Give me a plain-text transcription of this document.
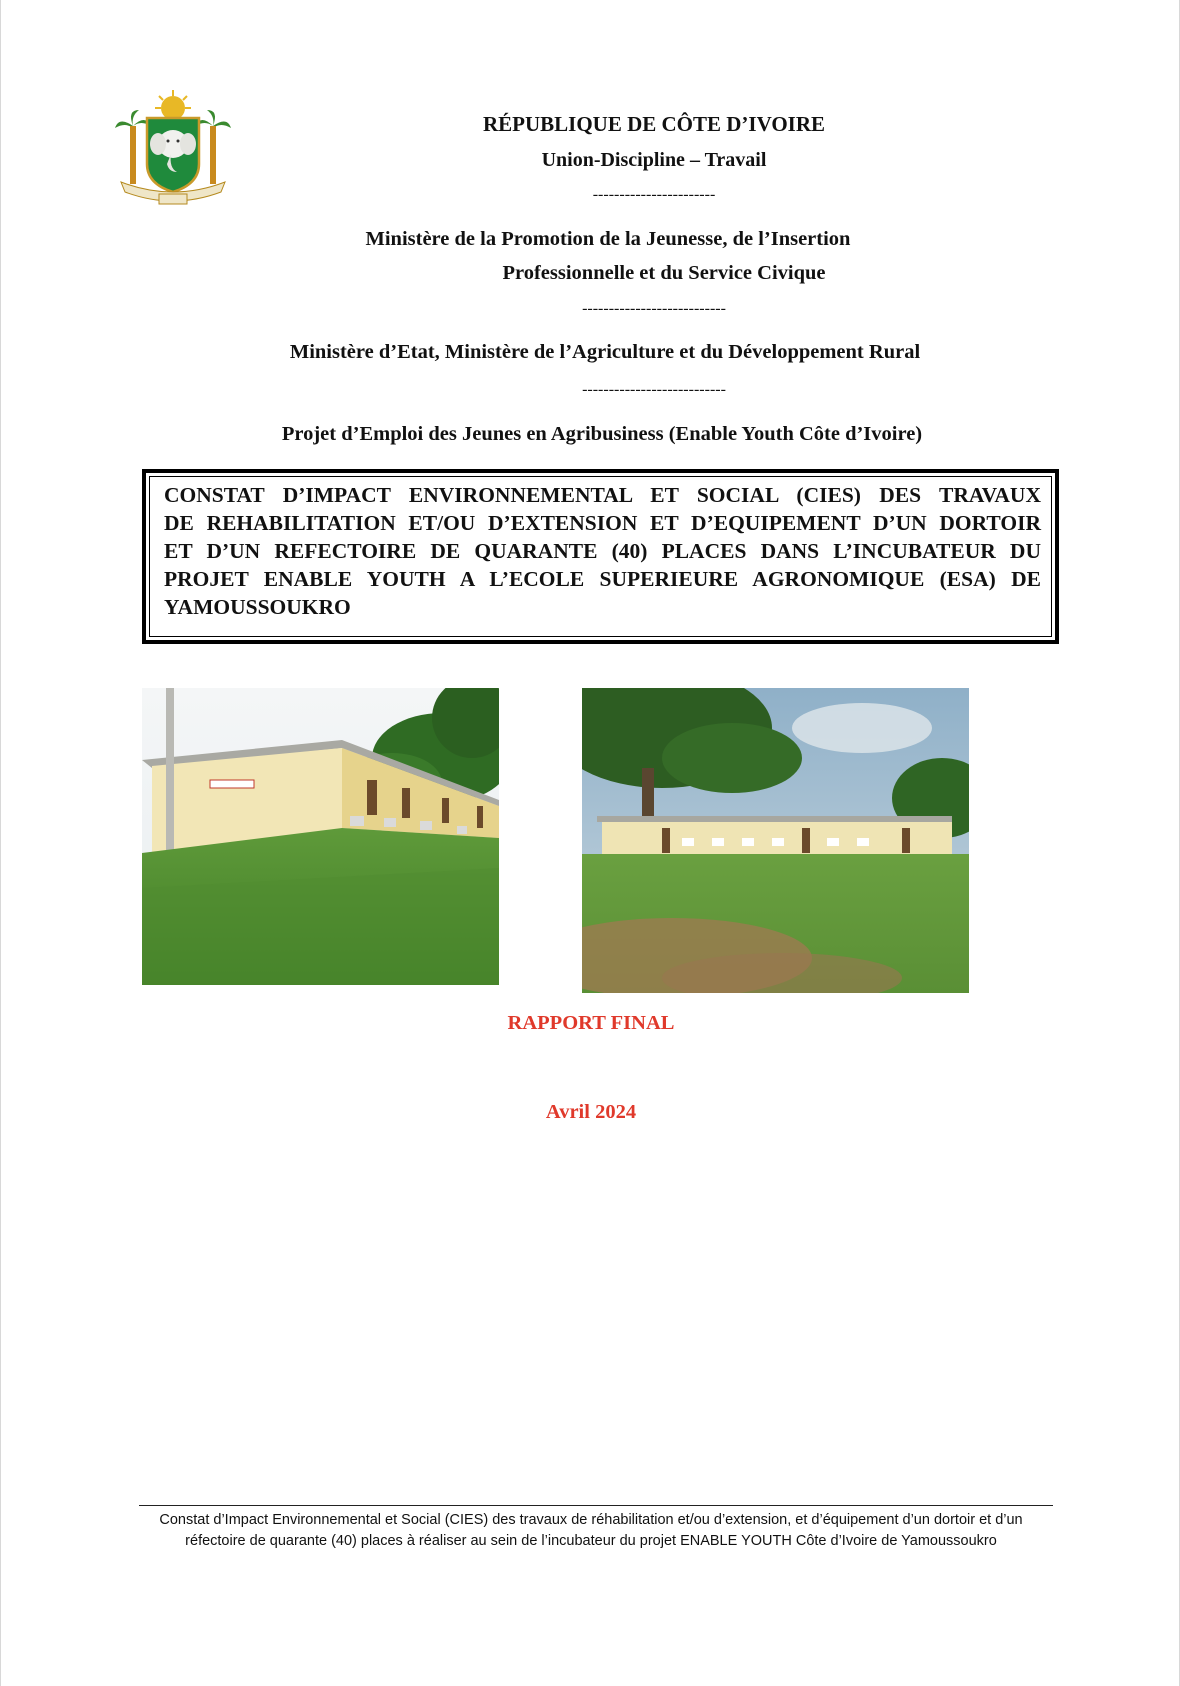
RÉPUBLIQUE DE CÔTE D’IVOIRE
Union-Discipline – Travail
-----------------------
Ministère de la Promotion de la Jeunesse, de l’Insertion
Professionnelle et du Service Civique
---------------------------
Ministère d’Etat, Ministère de l’Agriculture et du Développement Rural
---------------------------
Projet d’Emploi des Jeunes en Agribusiness (Enable Youth Côte d’Ivoire)
CONSTAT D’IMPACT ENVIRONNEMENTAL ET SOCIAL (CIES) DES TRAVAUX
DE REHABILITATION ET/OU D’EXTENSION ET D’EQUIPEMENT D’UN DORTOIR
ET D’UN REFECTOIRE DE QUARANTE (40) PLACES DANS L’INCUBATEUR DU
PROJET ENABLE YOUTH A L’ECOLE SUPERIEURE AGRONOMIQUE (ESA) DE
YAMOUSSOUKRO
RAPPORT FINAL
Avril 2024
Constat d’Impact Environnemental et Social (CIES) des travaux de réhabilitation et/ou d’extension, et d’équipement d’un dortoir et d’un
réfectoire de quarante (40) places à réaliser au sein de l’incubateur du projet ENABLE YOUTH Côte d’Ivoire de Yamoussoukro
